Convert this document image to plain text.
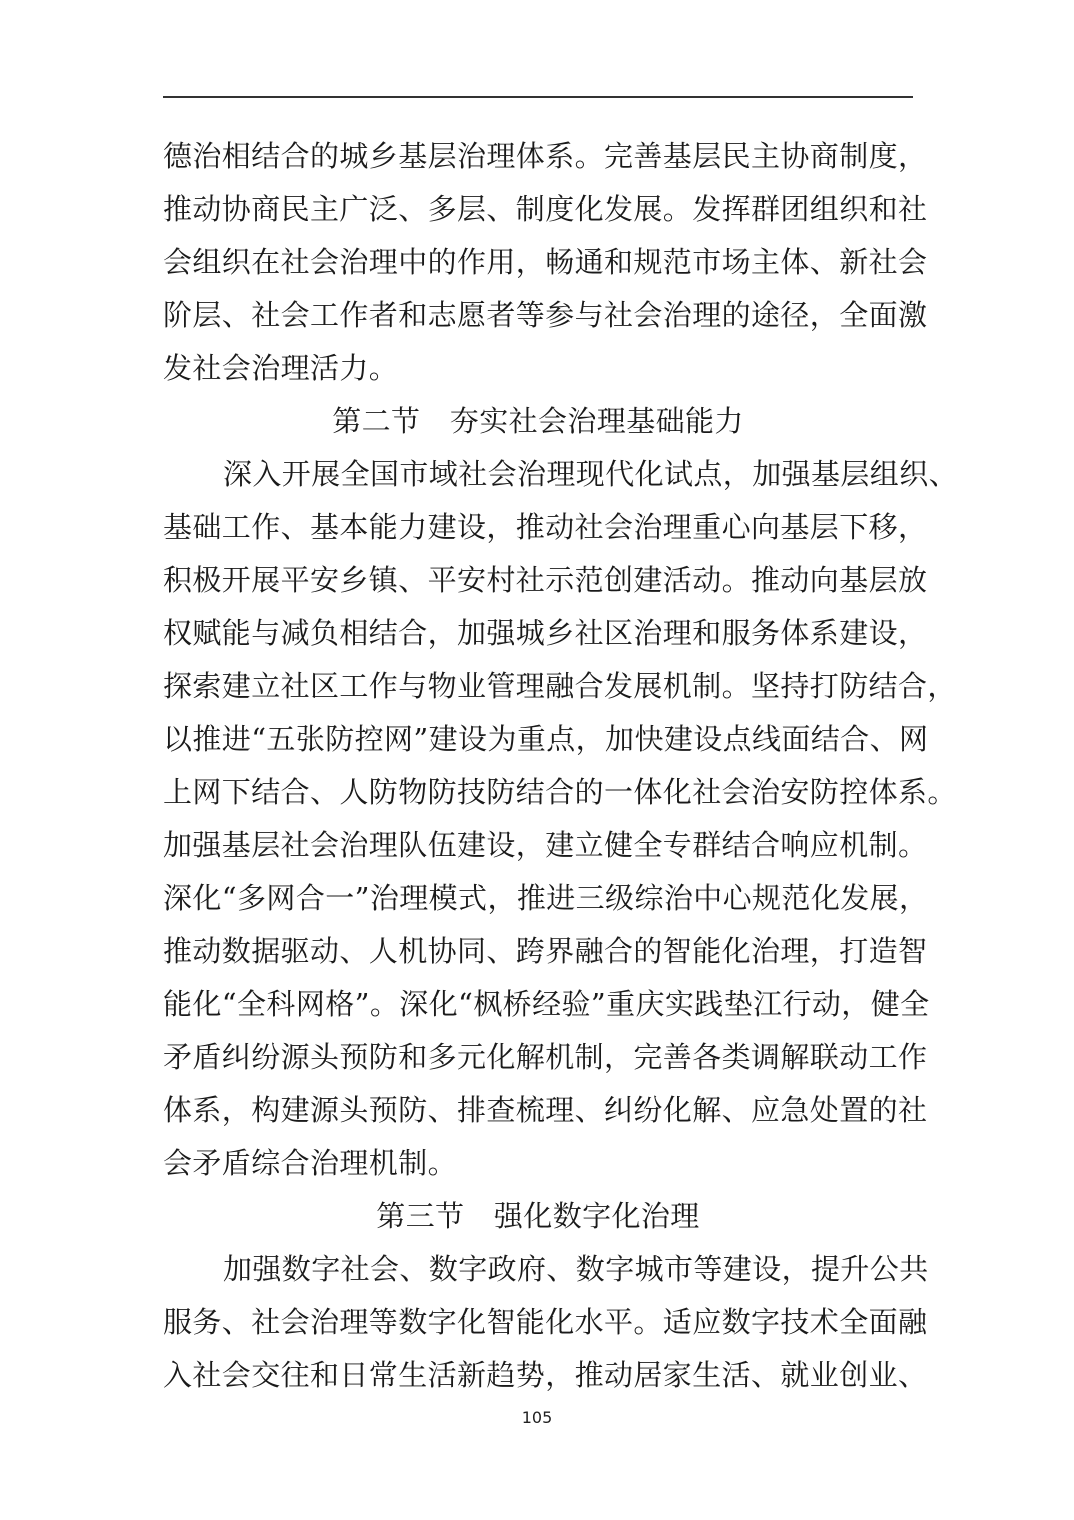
德治相结合的城乡基层治理体系。完善基层民主协商制度，
推动协商民主广泛、多层、制度化发展。发挥群团组织和社
会组织在社会治理中的作用，畅通和规范市场主体、新社会
阶层、社会工作者和志愿者等参与社会治理的途径，全面激
发社会治理活力。
第二节　夯实社会治理基础能力
深入开展全国市域社会治理现代化试点，加强基层组织、
基础工作、基本能力建设，推动社会治理重心向基层下移，
积极开展平安乡镇、平安村社示范创建活动。推动向基层放
权赋能与减负相结合，加强城乡社区治理和服务体系建设，
探索建立社区工作与物业管理融合发展机制。坚持打防结合，
以推进“五张防控网”建设为重点，加快建设点线面结合、网
上网下结合、人防物防技防结合的一体化社会治安防控体系。
加强基层社会治理队伍建设，建立健全专群结合响应机制。
深化“多网合一”治理模式，推进三级综治中心规范化发展，
推动数据驱动、人机协同、跨界融合的智能化治理，打造智
能化“全科网格”。深化“枫桥经验”重庆实践垫江行动，健全
矛盾纠纷源头预防和多元化解机制，完善各类调解联动工作
体系，构建源头预防、排查梳理、纠纷化解、应急处置的社
会矛盾综合治理机制。
第三节　强化数字化治理
加强数字社会、数字政府、数字城市等建设，提升公共
服务、社会治理等数字化智能化水平。适应数字技术全面融
入社会交往和日常生活新趋势，推动居家生活、就业创业、
105
